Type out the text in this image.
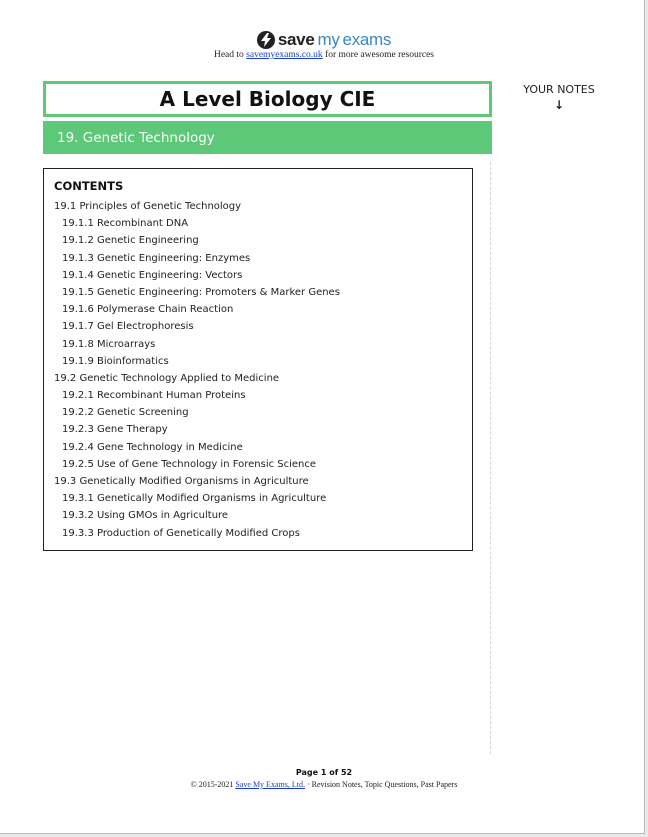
save my exams
Head to savemyexams.co.uk for more awesome resources
A Level Biology CIE
19. Genetic Technology
YOUR NOTES
↓
CONTENTS
19.1 Principles of Genetic Technology
19.1.1 Recombinant DNA
19.1.2 Genetic Engineering
19.1.3 Genetic Engineering: Enzymes
19.1.4 Genetic Engineering: Vectors
19.1.5 Genetic Engineering: Promoters & Marker Genes
19.1.6 Polymerase Chain Reaction
19.1.7 Gel Electrophoresis
19.1.8 Microarrays
19.1.9 Bioinformatics
19.2 Genetic Technology Applied to Medicine
19.2.1 Recombinant Human Proteins
19.2.2 Genetic Screening
19.2.3 Gene Therapy
19.2.4 Gene Technology in Medicine
19.2.5 Use of Gene Technology in Forensic Science
19.3 Genetically Modified Organisms in Agriculture
19.3.1 Genetically Modified Organisms in Agriculture
19.3.2 Using GMOs in Agriculture
19.3.3 Production of Genetically Modified Crops
Page 1 of 52
© 2015-2021 Save My Exams, Ltd. · Revision Notes, Topic Questions, Past Papers
